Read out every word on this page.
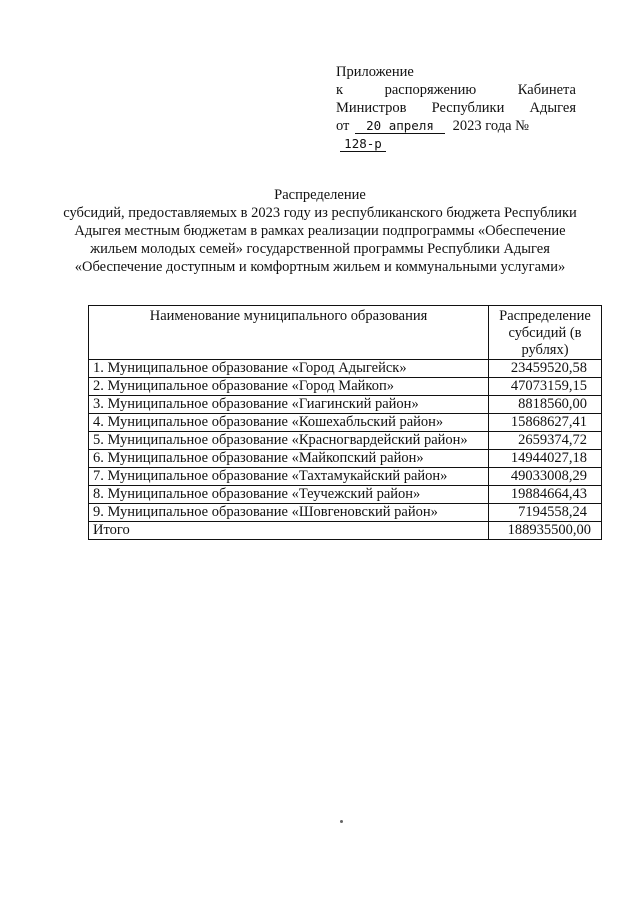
Приложение
к	распоряжению	Кабинета
Министров Республики Адыгея
от 20 апреля 2023 года № 128-р
Распределение
субсидий, предоставляемых в 2023 году из республиканского бюджета Республики Адыгея местным бюджетам в рамках реализации подпрограммы «Обеспечение жильем молодых семей» государственной программы Республики Адыгея «Обеспечение доступным и комфортным жильем и коммунальными услугами»
Наименование муниципального образования	Распределение субсидий (в рублях)
1. Муниципальное образование «Город Адыгейск»	23459520,58
2. Муниципальное образование «Город Майкоп»	47073159,15
3. Муниципальное образование «Гиагинский район»	8818560,00
4. Муниципальное образование «Кошехабльский район»	15868627,41
5. Муниципальное образование «Красногвардейский район»	2659374,72
6. Муниципальное образование «Майкопский район»	14944027,18
7. Муниципальное образование «Тахтамукайский район»	49033008,29
8. Муниципальное образование «Теучежский район»	19884664,43
9. Муниципальное образование «Шовгеновский район»	7194558,24
Итого	188935500,00
